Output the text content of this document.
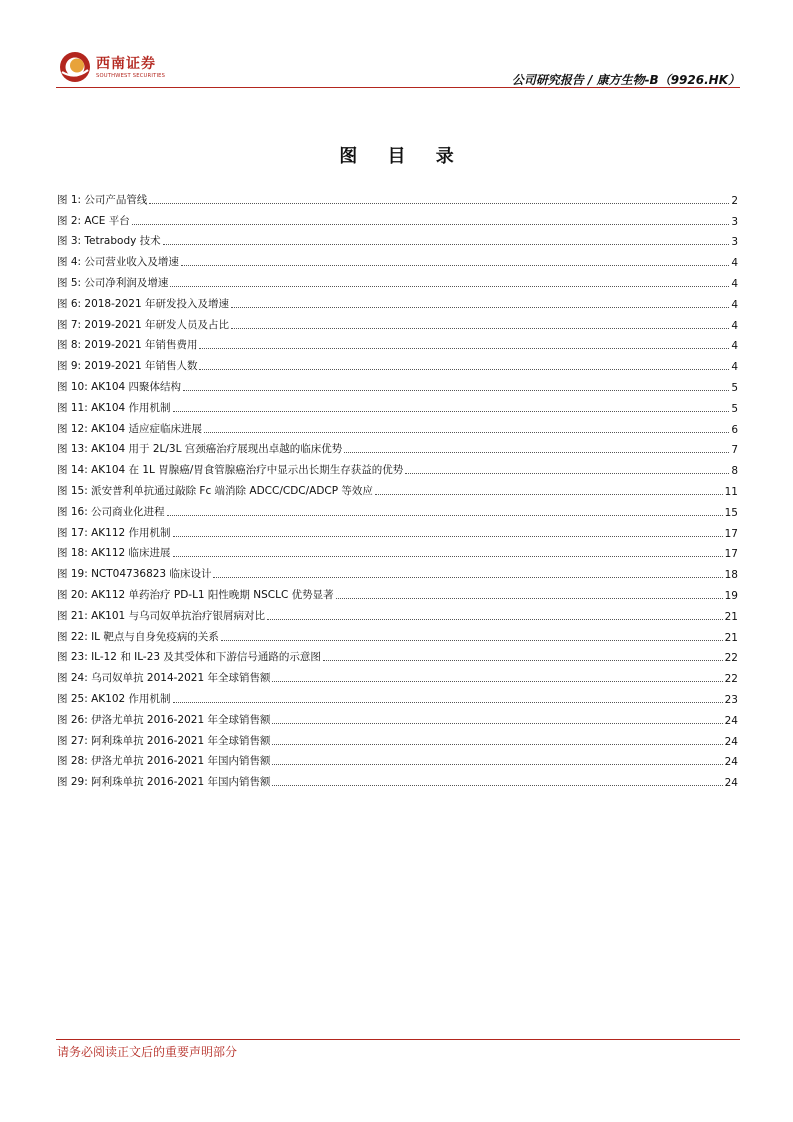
西南证券
SOUTHWEST SECURITIES	公司研究报告 / 康方生物-B（9926.HK）
图 目 录
图 1: 公司产品管线	2
图 2: ACE 平台	3
图 3: Tetrabody 技术	3
图 4: 公司营业收入及增速	4
图 5: 公司净利润及增速	4
图 6: 2018-2021 年研发投入及增速	4
图 7: 2019-2021 年研发人员及占比	4
图 8: 2019-2021 年销售费用	4
图 9: 2019-2021 年销售人数	4
图 10: AK104 四聚体结构	5
图 11: AK104 作用机制	5
图 12: AK104 适应症临床进展	6
图 13: AK104 用于 2L/3L 宫颈癌治疗展现出卓越的临床优势	7
图 14: AK104 在 1L 胃腺癌/胃食管腺癌治疗中显示出长期生存获益的优势	8
图 15: 派安普利单抗通过敲除 Fc 端消除 ADCC/CDC/ADCP 等效应	11
图 16: 公司商业化进程	15
图 17: AK112 作用机制	17
图 18: AK112 临床进展	17
图 19: NCT04736823 临床设计	18
图 20: AK112 单药治疗 PD-L1 阳性晚期 NSCLC 优势显著	19
图 21: AK101 与乌司奴单抗治疗银屑病对比	21
图 22: IL 靶点与自身免疫病的关系	21
图 23: IL-12 和 IL-23 及其受体和下游信号通路的示意图	22
图 24: 乌司奴单抗 2014-2021 年全球销售额	22
图 25: AK102 作用机制	23
图 26: 伊洛尤单抗 2016-2021 年全球销售额	24
图 27: 阿利珠单抗 2016-2021 年全球销售额	24
图 28: 伊洛尤单抗 2016-2021 年国内销售额	24
图 29: 阿利珠单抗 2016-2021 年国内销售额	24
请务必阅读正文后的重要声明部分
